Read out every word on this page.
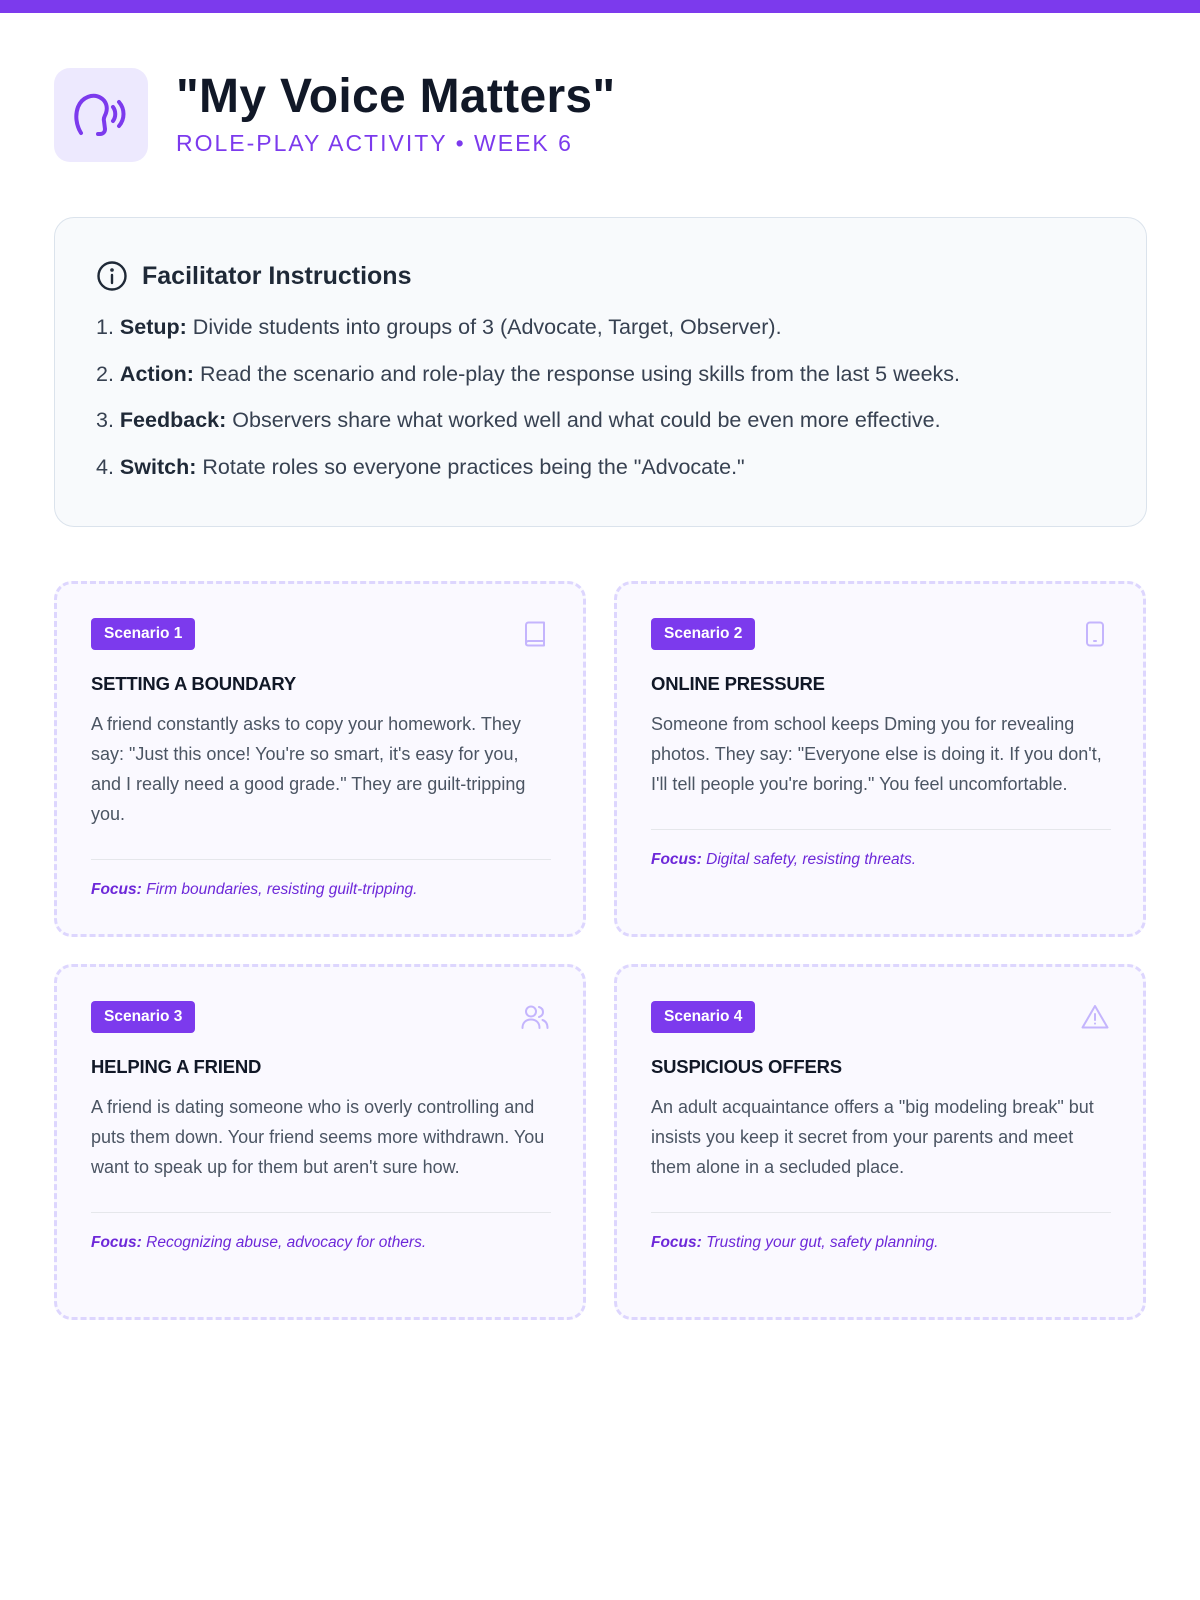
"My Voice Matters"
ROLE-PLAY ACTIVITY • WEEK 6
Facilitator Instructions
1. Setup: Divide students into groups of 3 (Advocate, Target, Observer).
2. Action: Read the scenario and role-play the response using skills from the last 5 weeks.
3. Feedback: Observers share what worked well and what could be even more effective.
4. Switch: Rotate roles so everyone practices being the "Advocate."
Scenario 1
SETTING A BOUNDARY
A friend constantly asks to copy your homework. They say: "Just this once! You're so smart, it's easy for you, and I really need a good grade." They are guilt-tripping you.
Focus: Firm boundaries, resisting guilt-tripping.
Scenario 2
ONLINE PRESSURE
Someone from school keeps Dming you for revealing photos. They say: "Everyone else is doing it. If you don't, I'll tell people you're boring." You feel uncomfortable.
Focus: Digital safety, resisting threats.
Scenario 3
HELPING A FRIEND
A friend is dating someone who is overly controlling and puts them down. Your friend seems more withdrawn. You want to speak up for them but aren't sure how.
Focus: Recognizing abuse, advocacy for others.
Scenario 4
SUSPICIOUS OFFERS
An adult acquaintance offers a "big modeling break" but insists you keep it secret from your parents and meet them alone in a secluded place.
Focus: Trusting your gut, safety planning.
